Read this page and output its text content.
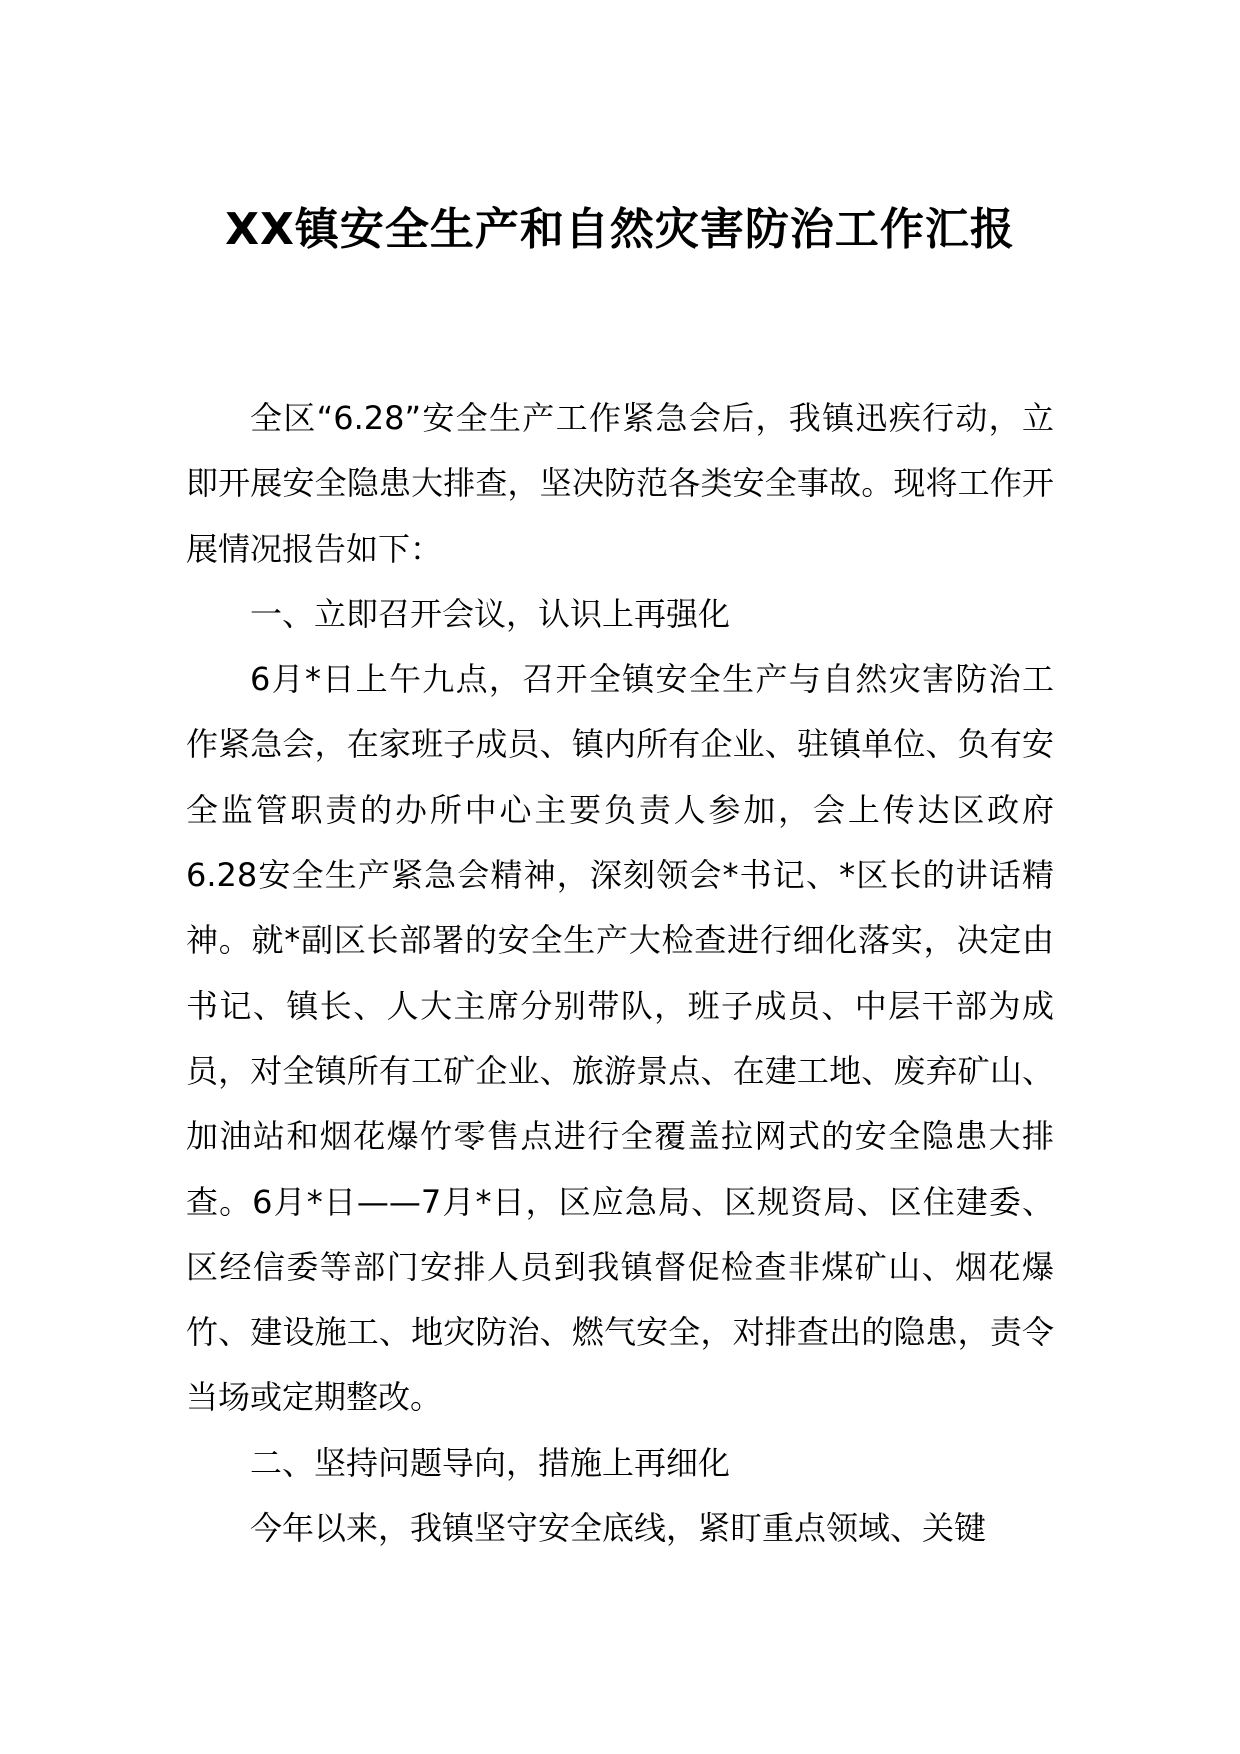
XX镇安全生产和自然灾害防治工作汇报

全区“6.28”安全生产工作紧急会后，我镇迅疾行动，立即开展安全隐患大排查，坚决防范各类安全事故。现将工作开展情况报告如下：

一、立即召开会议，认识上再强化

6月*日上午九点，召开全镇安全生产与自然灾害防治工作紧急会，在家班子成员、镇内所有企业、驻镇单位、负有安全监管职责的办所中心主要负责人参加，会上传达区政府6.28安全生产紧急会精神，深刻领会*书记、*区长的讲话精神。就*副区长部署的安全生产大检查进行细化落实，决定由书记、镇长、人大主席分别带队，班子成员、中层干部为成员，对全镇所有工矿企业、旅游景点、在建工地、废弃矿山、加油站和烟花爆竹零售点进行全覆盖拉网式的安全隐患大排查。6月*日——7月*日，区应急局、区规资局、区住建委、区经信委等部门安排人员到我镇督促检查非煤矿山、烟花爆竹、建设施工、地灾防治、燃气安全，对排查出的隐患，责令当场或定期整改。

二、坚持问题导向，措施上再细化

今年以来，我镇坚守安全底线，紧盯重点领域、关键
